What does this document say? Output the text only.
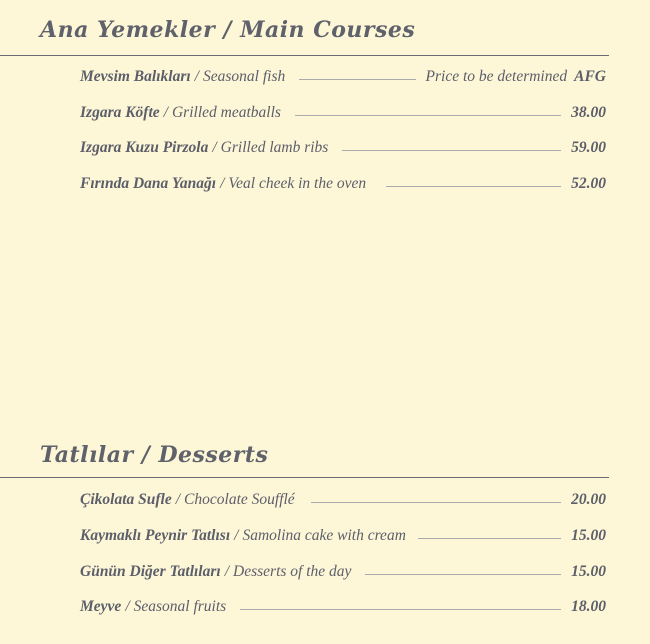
Ana Yemekler / Main Courses
Mevsim Balıkları / Seasonal fish	Price to be determined AFG
Izgara Köfte / Grilled meatballs	38.00
Izgara Kuzu Pirzola / Grilled lamb ribs	59.00
Fırında Dana Yanağı / Veal cheek in the oven	52.00
Tatlılar / Desserts
Çikolata Sufle / Chocolate Soufflé	20.00
Kaymaklı Peynir Tatlısı / Samolina cake with cream	15.00
Günün Diğer Tatlıları / Desserts of the day	15.00
Meyve / Seasonal fruits	18.00
